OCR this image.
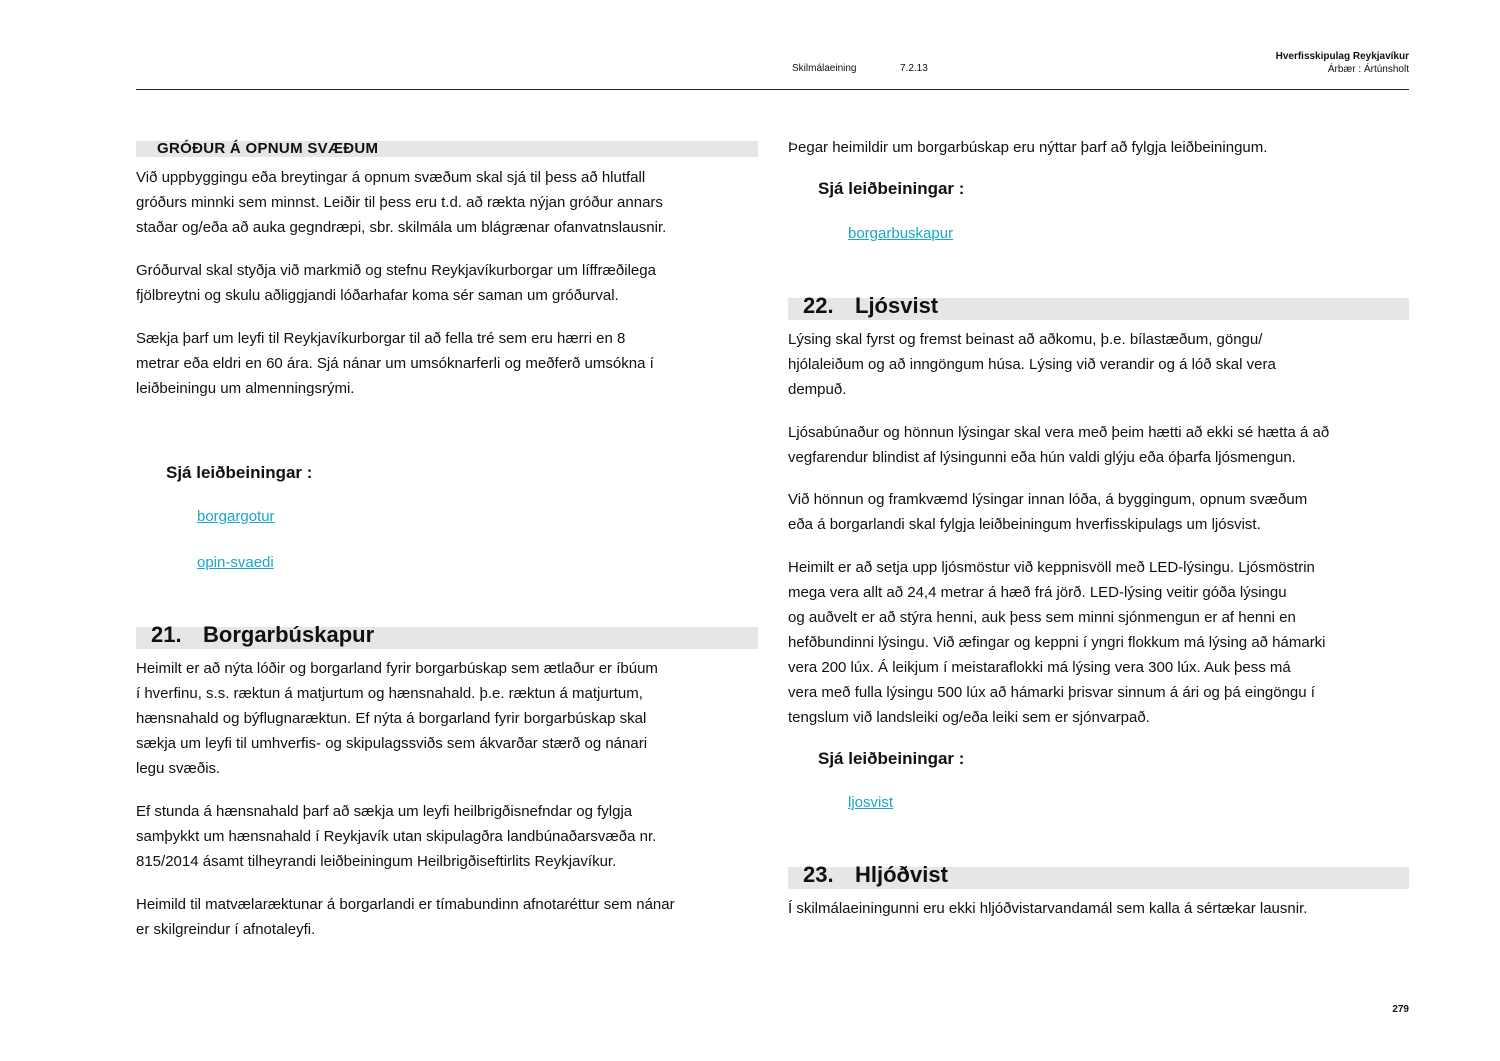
Skilmálaeining	7.2.13
Hverfisskipulag Reykjavíkur
Árbær : Ártúnsholt
GRÓÐUR Á OPNUM SVÆÐUM
Við uppbyggingu eða breytingar á opnum svæðum skal sjá til þess að hlutfall
gróðurs minnki sem minnst. Leiðir til þess eru t.d. að rækta nýjan gróður annars
staðar og/eða að auka gegndræpi, sbr. skilmála um blágrænar ofanvatnslausnir.
Gróðurval skal styðja við markmið og stefnu Reykjavíkurborgar um líffræðilega
fjölbreytni og skulu aðliggjandi lóðarhafar koma sér saman um gróðurval.
Sækja þarf um leyfi til Reykjavíkurborgar til að fella tré sem eru hærri en 8
metrar eða eldri en 60 ára. Sjá nánar um umsóknarferli og meðferð umsókna í
leiðbeiningu um almenningsrými.
Sjá leiðbeiningar :
borgargotur
opin-svaedi
21. Borgarbúskapur
Heimilt er að nýta lóðir og borgarland fyrir borgarbúskap sem ætlaður er íbúum
í hverfinu, s.s. ræktun á matjurtum og hænsnahald. þ.e. ræktun á matjurtum,
hænsnahald og býflugnaræktun. Ef nýta á borgarland fyrir borgarbúskap skal
sækja um leyfi til umhverfis- og skipulagssviðs sem ákvarðar stærð og nánari
legu svæðis.
Ef stunda á hænsnahald þarf að sækja um leyfi heilbrigðisnefndar og fylgja
samþykkt um hænsnahald í Reykjavík utan skipulagðra landbúnaðarsvæða nr.
815/2014 ásamt tilheyrandi leiðbeiningum Heilbrigðiseftirlits Reykjavíkur.
Heimild til matvælaræktunar á borgarlandi er tímabundinn afnotaréttur sem nánar
er skilgreindur í afnotaleyfi.
Þegar heimildir um borgarbúskap eru nýttar þarf að fylgja leiðbeiningum.
Sjá leiðbeiningar :
borgarbuskapur
22. Ljósvist
Lýsing skal fyrst og fremst beinast að aðkomu, þ.e. bílastæðum, göngu/
hjólaleiðum og að inngöngum húsa. Lýsing við verandir og á lóð skal vera
dempuð.
Ljósabúnaður og hönnun lýsingar skal vera með þeim hætti að ekki sé hætta á að
vegfarendur blindist af lýsingunni eða hún valdi glýju eða óþarfa ljósmengun.
Við hönnun og framkvæmd lýsingar innan lóða, á byggingum, opnum svæðum
eða á borgarlandi skal fylgja leiðbeiningum hverfisskipulags um ljósvist.
Heimilt er að setja upp ljósmöstur við keppnisvöll með LED-lýsingu. Ljósmöstrin
mega vera allt að 24,4 metrar á hæð frá jörð. LED-lýsing veitir góða lýsingu
og auðvelt er að stýra henni, auk þess sem minni sjónmengun er af henni en
hefðbundinni lýsingu. Við æfingar og keppni í yngri flokkum má lýsing að hámarki
vera 200 lúx. Á leikjum í meistaraflokki má lýsing vera 300 lúx. Auk þess má
vera með fulla lýsingu 500 lúx að hámarki þrisvar sinnum á ári og þá eingöngu í
tengslum við landsleiki og/eða leiki sem er sjónvarpað.
Sjá leiðbeiningar :
ljosvist
23. Hljóðvist
Í skilmálaeiningunni eru ekki hljóðvistarvandamál sem kalla á sértækar lausnir.
279
